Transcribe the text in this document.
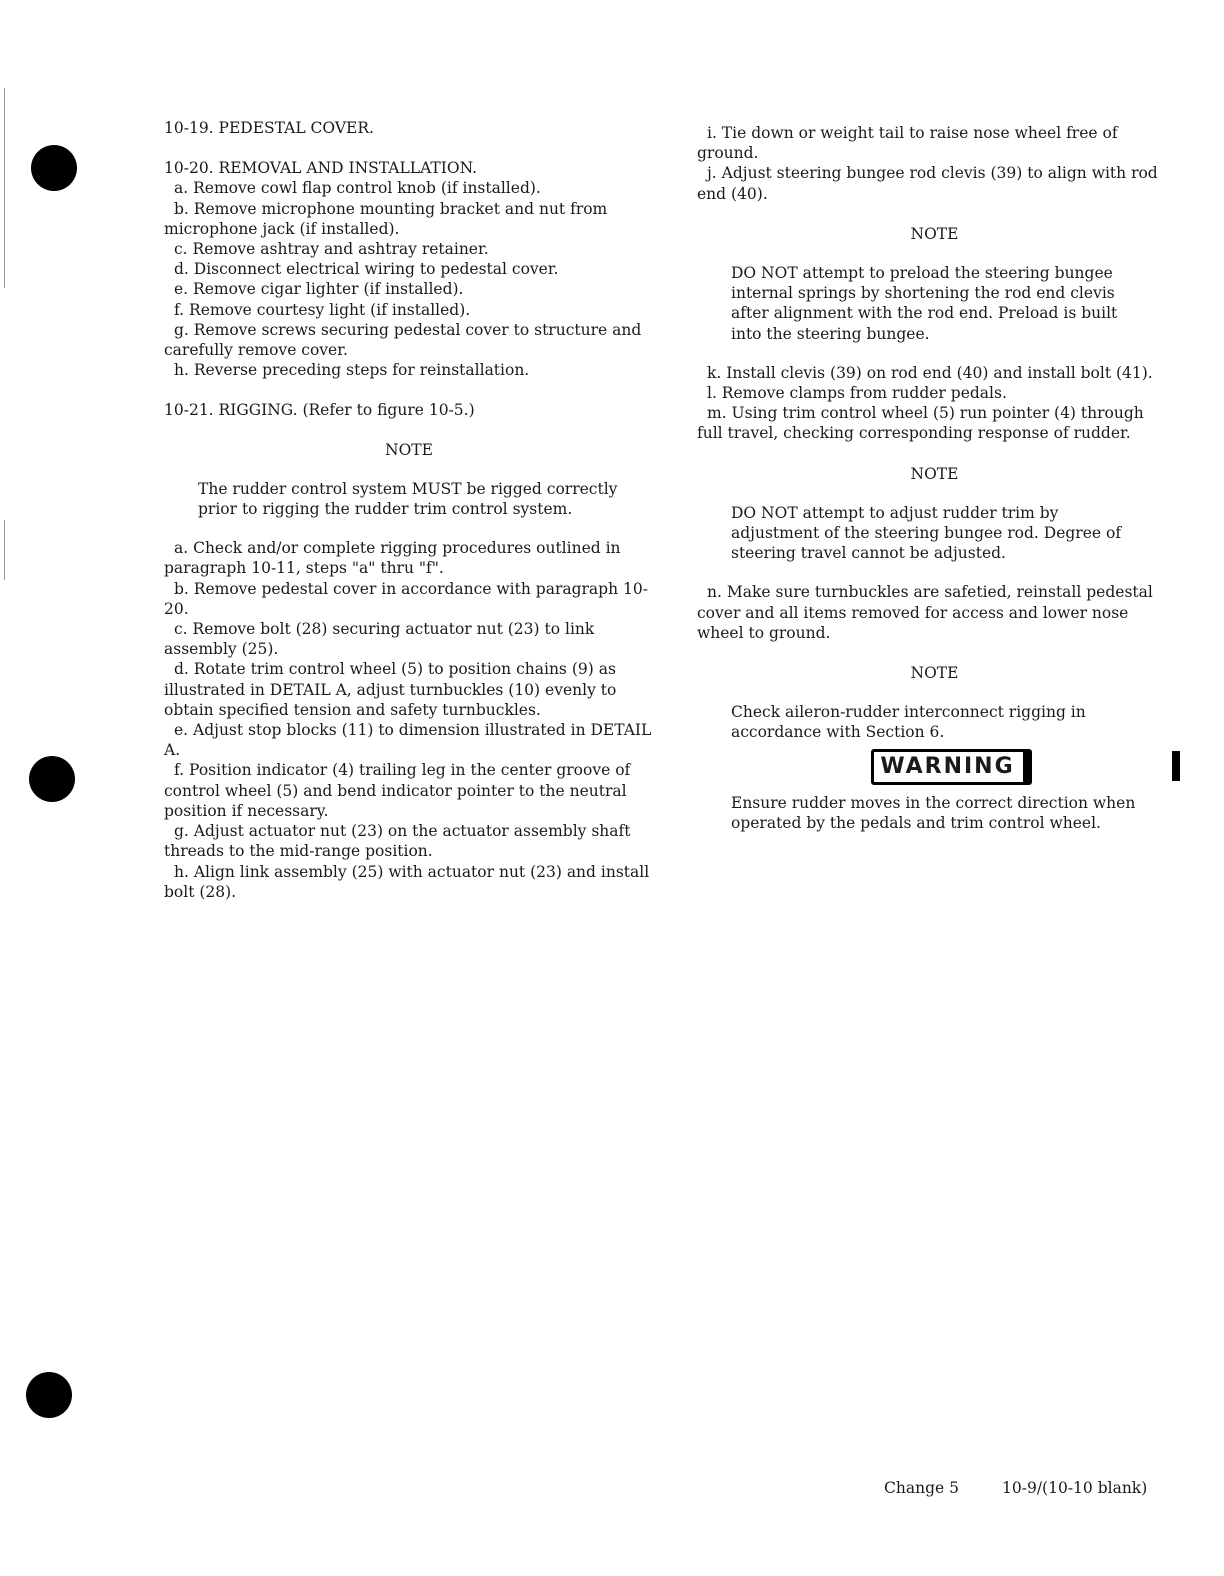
10-19. PEDESTAL COVER.

10-20. REMOVAL AND INSTALLATION.

a. Remove cowl flap control knob (if installed).

b. Remove microphone mounting bracket and nut from microphone jack (if installed).

c. Remove ashtray and ashtray retainer.

d. Disconnect electrical wiring to pedestal cover.

e. Remove cigar lighter (if installed).

f. Remove courtesy light (if installed).

g. Remove screws securing pedestal cover to structure and carefully remove cover.

h. Reverse preceding steps for reinstallation.

10-21. RIGGING. (Refer to figure 10-5.)

NOTE

The rudder control system MUST be rigged correctly prior to rigging the rudder trim control system.

a. Check and/or complete rigging procedures outlined in paragraph 10-11, steps "a" thru "f".

b. Remove pedestal cover in accordance with paragraph 10-20.

c. Remove bolt (28) securing actuator nut (23) to link assembly (25).

d. Rotate trim control wheel (5) to position chains (9) as illustrated in DETAIL A, adjust turnbuckles (10) evenly to obtain specified tension and safety turnbuckles.

e. Adjust stop blocks (11) to dimension illustrated in DETAIL A.

f. Position indicator (4) trailing leg in the center groove of control wheel (5) and bend indicator pointer to the neutral position if necessary.

g. Adjust actuator nut (23) on the actuator assembly shaft threads to the mid-range position.

h. Align link assembly (25) with actuator nut (23) and install bolt (28).

i. Tie down or weight tail to raise nose wheel free of ground.

j. Adjust steering bungee rod clevis (39) to align with rod end (40).

NOTE

DO NOT attempt to preload the steering bungee internal springs by shortening the rod end clevis after alignment with the rod end. Preload is built into the steering bungee.

k. Install clevis (39) on rod end (40) and install bolt (41).

l. Remove clamps from rudder pedals.

m. Using trim control wheel (5) run pointer (4) through full travel, checking corresponding response of rudder.

NOTE

DO NOT attempt to adjust rudder trim by adjustment of the steering bungee rod. Degree of steering travel cannot be adjusted.

n. Make sure turnbuckles are safetied, reinstall pedestal cover and all items removed for access and lower nose wheel to ground.

NOTE

Check aileron-rudder interconnect rigging in accordance with Section 6.

WARNING

Ensure rudder moves in the correct direction when operated by the pedals and trim control wheel.

Change 5	10-9/(10-10 blank)
